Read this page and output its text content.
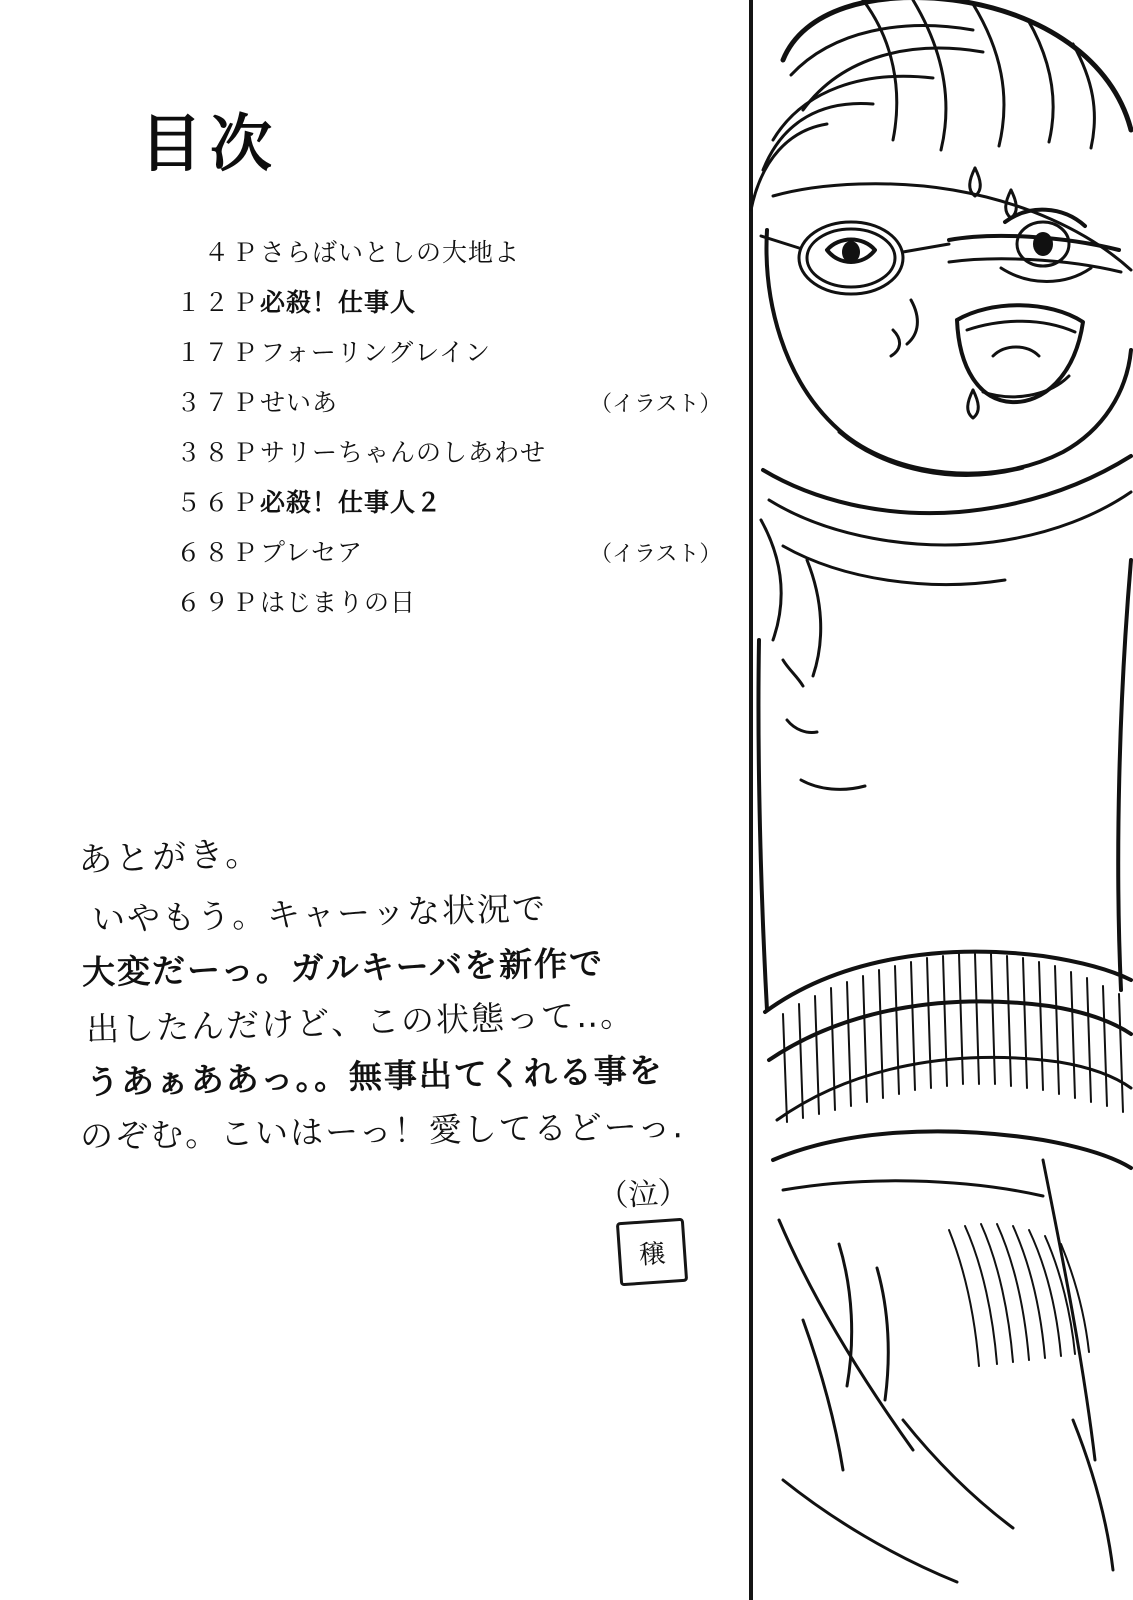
目次
４Ｐ	さらばいとしの大地よ	
１２Ｐ	必殺！仕事人	
１７Ｐ	フォーリングレイン	
３７Ｐ	せいあ	（イラスト）
３８Ｐ	サリーちゃんのしあわせ	
５６Ｐ	必殺！仕事人２	
６８Ｐ	プレセア	（イラスト）
６９Ｐ	はじまりの日	
あとがき。
いやもう。キャーッな状況で
大変だーっ。ガルキーバを新作で
出したんだけど、この状態って‥。
うあぁああっ。。無事出てくれる事を
のぞむ。こいはーっ！愛してるどーっ.
（泣）
穣
